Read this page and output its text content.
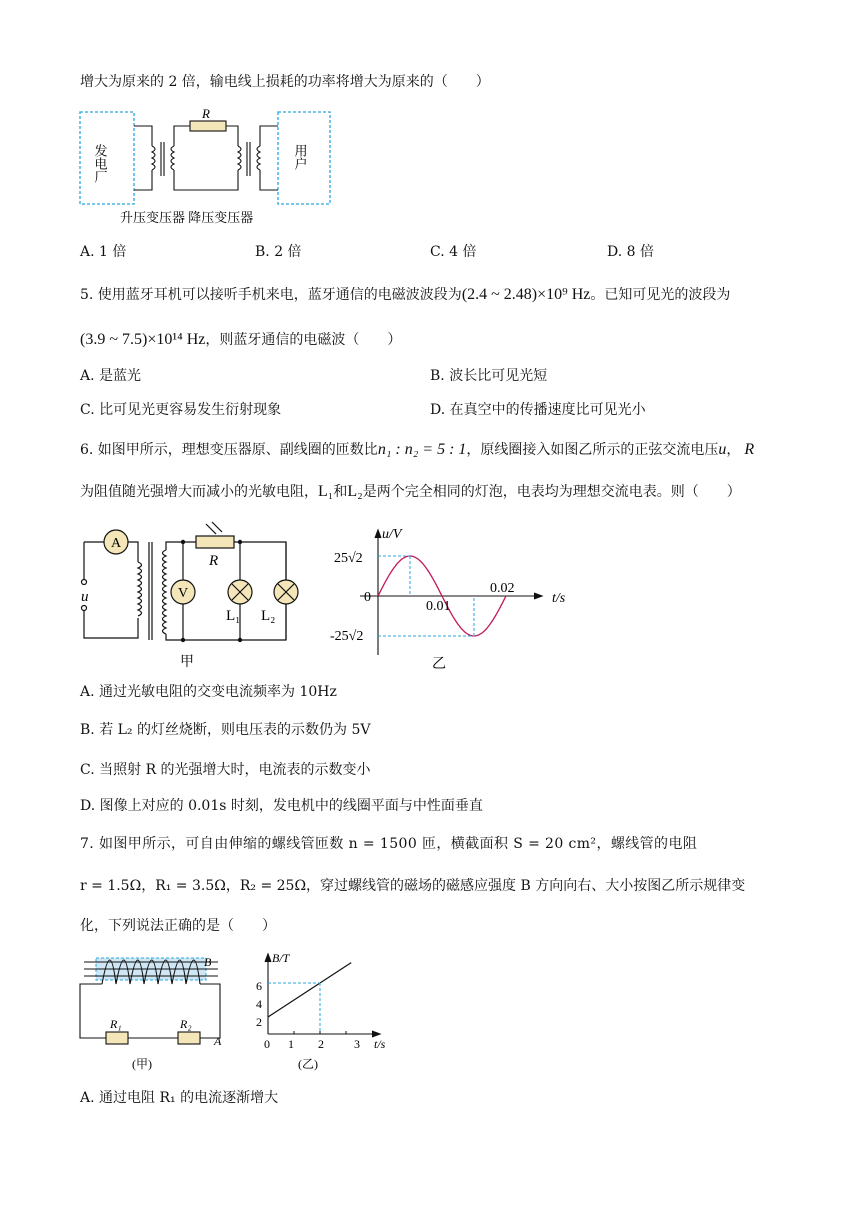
增大为原来的 2 倍，输电线上损耗的功率将增大为原来的（　　）
R
发电厂	用户
升压变压器 降压变压器
A. 1 倍	B. 2 倍	C. 4 倍	D. 8 倍
5. 使用蓝牙耳机可以接听手机来电，蓝牙通信的电磁波波段为(2.4 ~ 2.48)×10⁹ Hz。已知可见光的波段为
(3.9 ~ 7.5)×10¹⁴ Hz，则蓝牙通信的电磁波（　　）
A. 是蓝光	B. 波长比可见光短
C. 比可见光更容易发生衍射现象	D. 在真空中的传播速度比可见光小
6. 如图甲所示，理想变压器原、副线圈的匝数比n₁ : n₂ = 5 : 1，原线圈接入如图乙所示的正弦交流电压u， R
为阻值随光强增大而减小的光敏电阻，L₁和L₂是两个完全相同的灯泡，电表均为理想交流电表。则（　　）
A
V
u
R
L₁ L₂
甲
u/V
t/s
25√2
-25√2
0
0.01
0.02
乙
A. 通过光敏电阻的交变电流频率为 10Hz
B. 若 L₂ 的灯丝烧断，则电压表的示数仍为 5V
C. 当照射 R 的光强增大时，电流表的示数变小
D. 图像上对应的 0.01s 时刻，发电机中的线圈平面与中性面垂直
7. 如图甲所示，可自由伸缩的螺线管匝数 n = 1500 匝，横截面积 S = 20 cm²，螺线管的电阻
r = 1.5Ω，R₁ = 3.5Ω，R₂ = 25Ω，穿过螺线管的磁场的磁感应强度 B 方向向右、大小按图乙所示规律变
化，下列说法正确的是（　　）
B
R₁	R₂
A
(甲)
B/T
t/s
6
4
2
0 1 2	3
(乙)
A. 通过电阻 R₁ 的电流逐渐增大
